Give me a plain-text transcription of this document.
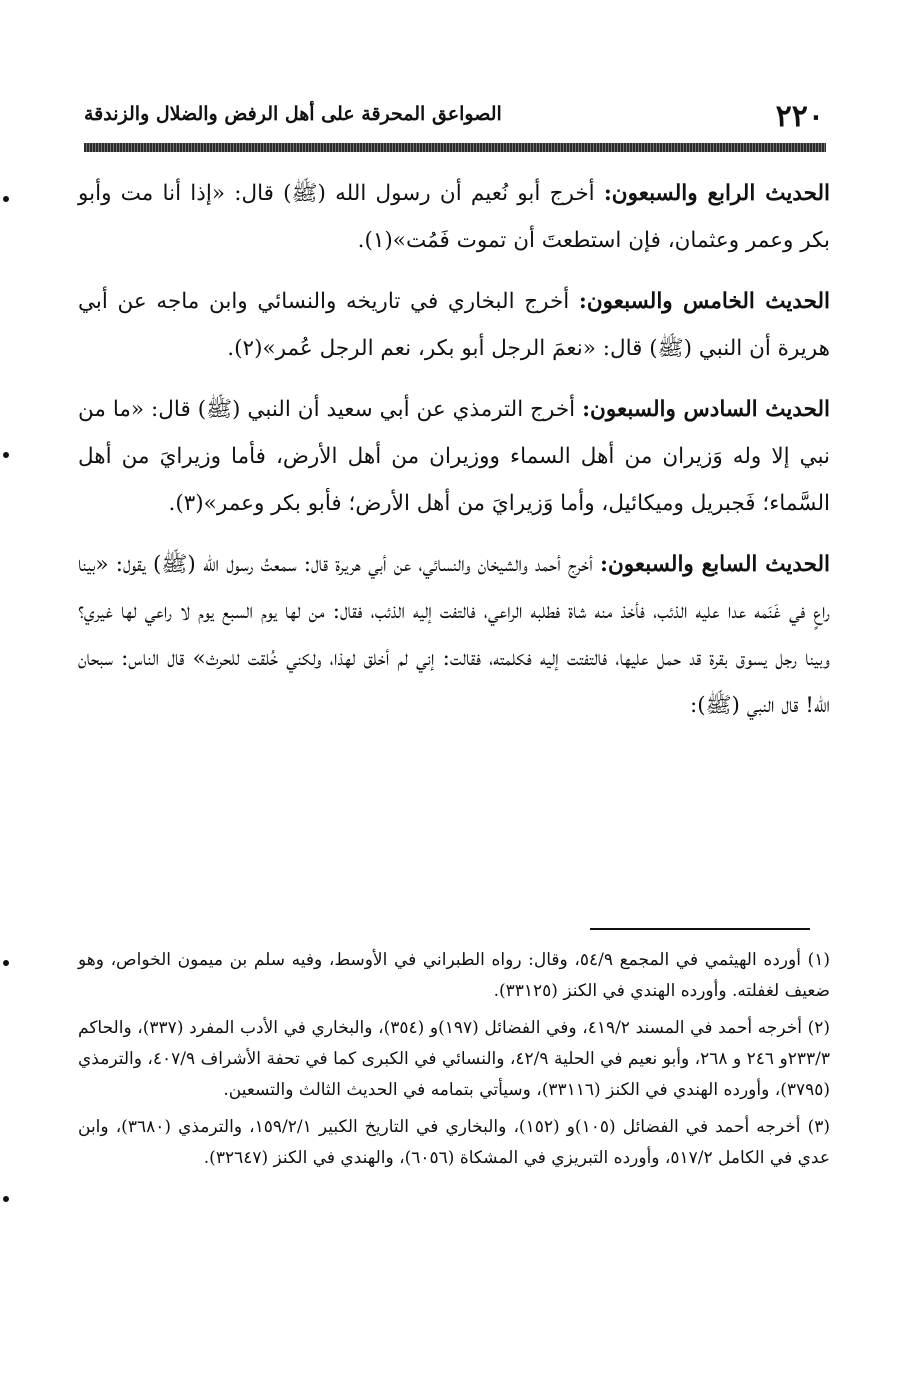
٢٢٠
الصواعق المحرقة على أهل الرفض والضلال والزندقة

الحديث الرابع والسبعون: أخرج أبو نُعيم أن رسول الله (ﷺ) قال: «إذا أنا مت وأبو بكر وعمر وعثمان، فإن استطعتَ أن تموت فَمُت»(١).

الحديث الخامس والسبعون: أخرج البخاري في تاريخه والنسائي وابن ماجه عن أبي هريرة أن النبي (ﷺ) قال: «نعمَ الرجل أبو بكر، نعم الرجل عُمر»(٢).

الحديث السادس والسبعون: أخرج الترمذي عن أبي سعيد أن النبي (ﷺ) قال: «ما من نبي إلا وله وَزيران من أهل السماء ووزيران من أهل الأرض، فأما وزيرايَ من أهل السَّماء؛ فَجبريل وميكائيل، وأما وَزيرايَ من أهل الأرض؛ فأبو بكر وعمر»(٣).

الحديث السابع والسبعون: أخرج أحمد والشيخان والنسائي، عن أبي هريرة قال: سمعتُ رسول الله (ﷺ) يقول: «بينا راعٍ في غَنَمه عدا عليه الذئب، فأخذ منه شاة فطلبه الراعي، فالتفت إليه الذئب، فقال: من لها يوم السبع يوم لا راعي لها غيري؟ وبينا رجل يسوق بقرة قد حمل عليها، فالتفتت إليه فكلمته، فقالت: إني لم أخلق لهذا، ولكني خُلقت للحرث» قال الناس: سبحان الله! قال النبي (ﷺ):

(١) أورده الهيثمي في المجمع ٥٤/٩، وقال: رواه الطبراني في الأوسط، وفيه سلم بن ميمون الخواص، وهو ضعيف لغفلته. وأورده الهندي في الكنز (٣٣١٢٥).

(٢) أخرجه أحمد في المسند ٤١٩/٢، وفي الفضائل (١٩٧)و (٣٥٤)، والبخاري في الأدب المفرد (٣٣٧)، والحاكم ٢٣٣/٣و ٢٤٦ و ٢٦٨، وأبو نعيم في الحلية ٤٢/٩، والنسائي في الكبرى كما في تحفة الأشراف ٤٠٧/٩، والترمذي (٣٧٩٥)، وأورده الهندي في الكنز (٣٣١١٦)، وسيأتي بتمامه في الحديث الثالث والتسعين.

(٣) أخرجه أحمد في الفضائل (١٠٥)و (١٥٢)، والبخاري في التاريخ الكبير ١٥٩/٢/١، والترمذي (٣٦٨٠)، وابن عدي في الكامل ٥١٧/٢، وأورده التبريزي في المشكاة (٦٠٥٦)، والهندي في الكنز (٣٢٦٤٧).
